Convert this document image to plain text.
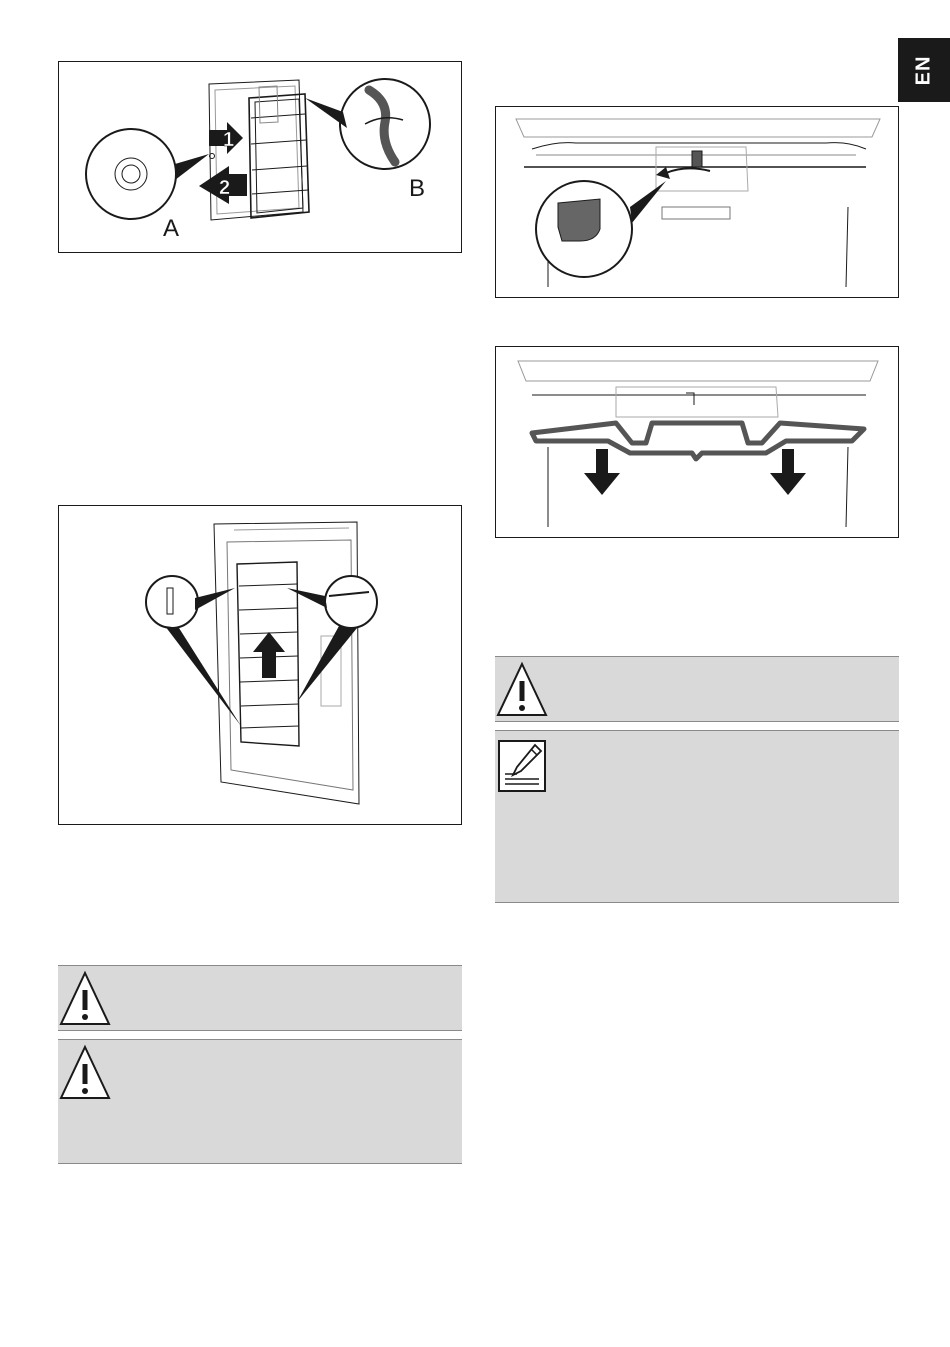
EN
1
2
A
B
